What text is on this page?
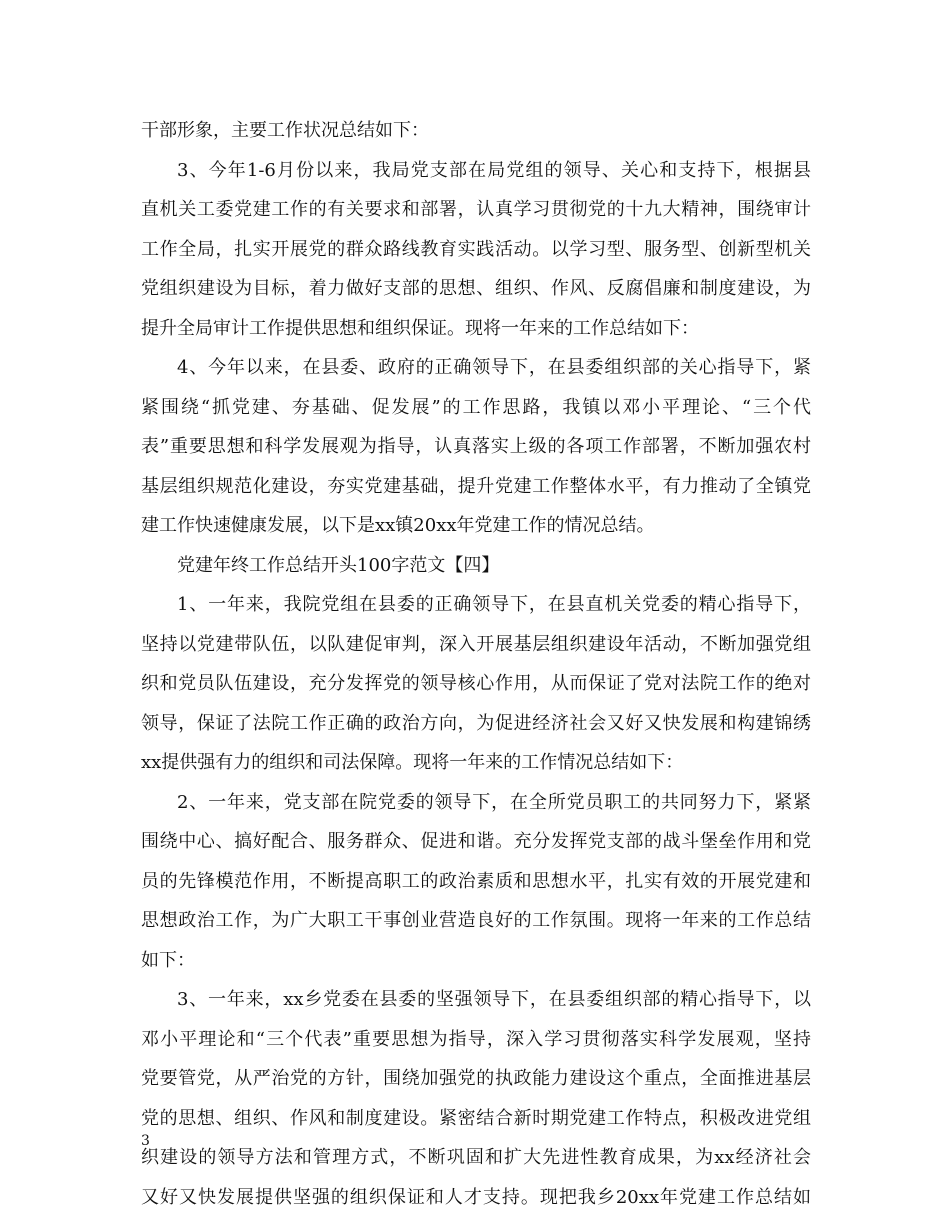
干部形象，主要工作状况总结如下：
3、今年1-6月份以来，我局党支部在局党组的领导、关心和支持下，根据县
直机关工委党建工作的有关要求和部署，认真学习贯彻党的十九大精神，围绕审计
工作全局，扎实开展党的群众路线教育实践活动。以学习型、服务型、创新型机关
党组织建设为目标，着力做好支部的思想、组织、作风、反腐倡廉和制度建设，为
提升全局审计工作提供思想和组织保证。现将一年来的工作总结如下：
4、今年以来，在县委、政府的正确领导下，在县委组织部的关心指导下，紧
紧围绕“抓党建、夯基础、促发展”的工作思路，我镇以邓小平理论、“三个代
表”重要思想和科学发展观为指导，认真落实上级的各项工作部署，不断加强农村
基层组织规范化建设，夯实党建基础，提升党建工作整体水平，有力推动了全镇党
建工作快速健康发展，以下是xx镇20xx年党建工作的情况总结。
党建年终工作总结开头100字范文【四】
1、一年来，我院党组在县委的正确领导下，在县直机关党委的精心指导下，
坚持以党建带队伍，以队建促审判，深入开展基层组织建设年活动，不断加强党组
织和党员队伍建设，充分发挥党的领导核心作用，从而保证了党对法院工作的绝对
领导，保证了法院工作正确的政治方向，为促进经济社会又好又快发展和构建锦绣
xx提供强有力的组织和司法保障。现将一年来的工作情况总结如下：
2、一年来，党支部在院党委的领导下，在全所党员职工的共同努力下，紧紧
围绕中心、搞好配合、服务群众、促进和谐。充分发挥党支部的战斗堡垒作用和党
员的先锋模范作用，不断提高职工的政治素质和思想水平，扎实有效的开展党建和
思想政治工作，为广大职工干事创业营造良好的工作氛围。现将一年来的工作总结
如下：
3、一年来，xx乡党委在县委的坚强领导下，在县委组织部的精心指导下，以
邓小平理论和“三个代表”重要思想为指导，深入学习贯彻落实科学发展观，坚持
党要管党，从严治党的方针，围绕加强党的执政能力建设这个重点，全面推进基层
党的思想、组织、作风和制度建设。紧密结合新时期党建工作特点，积极改进党组
织建设的领导方法和管理方式，不断巩固和扩大先进性教育成果，为xx经济社会
又好又快发展提供坚强的组织保证和人才支持。现把我乡20xx年党建工作总结如
3
